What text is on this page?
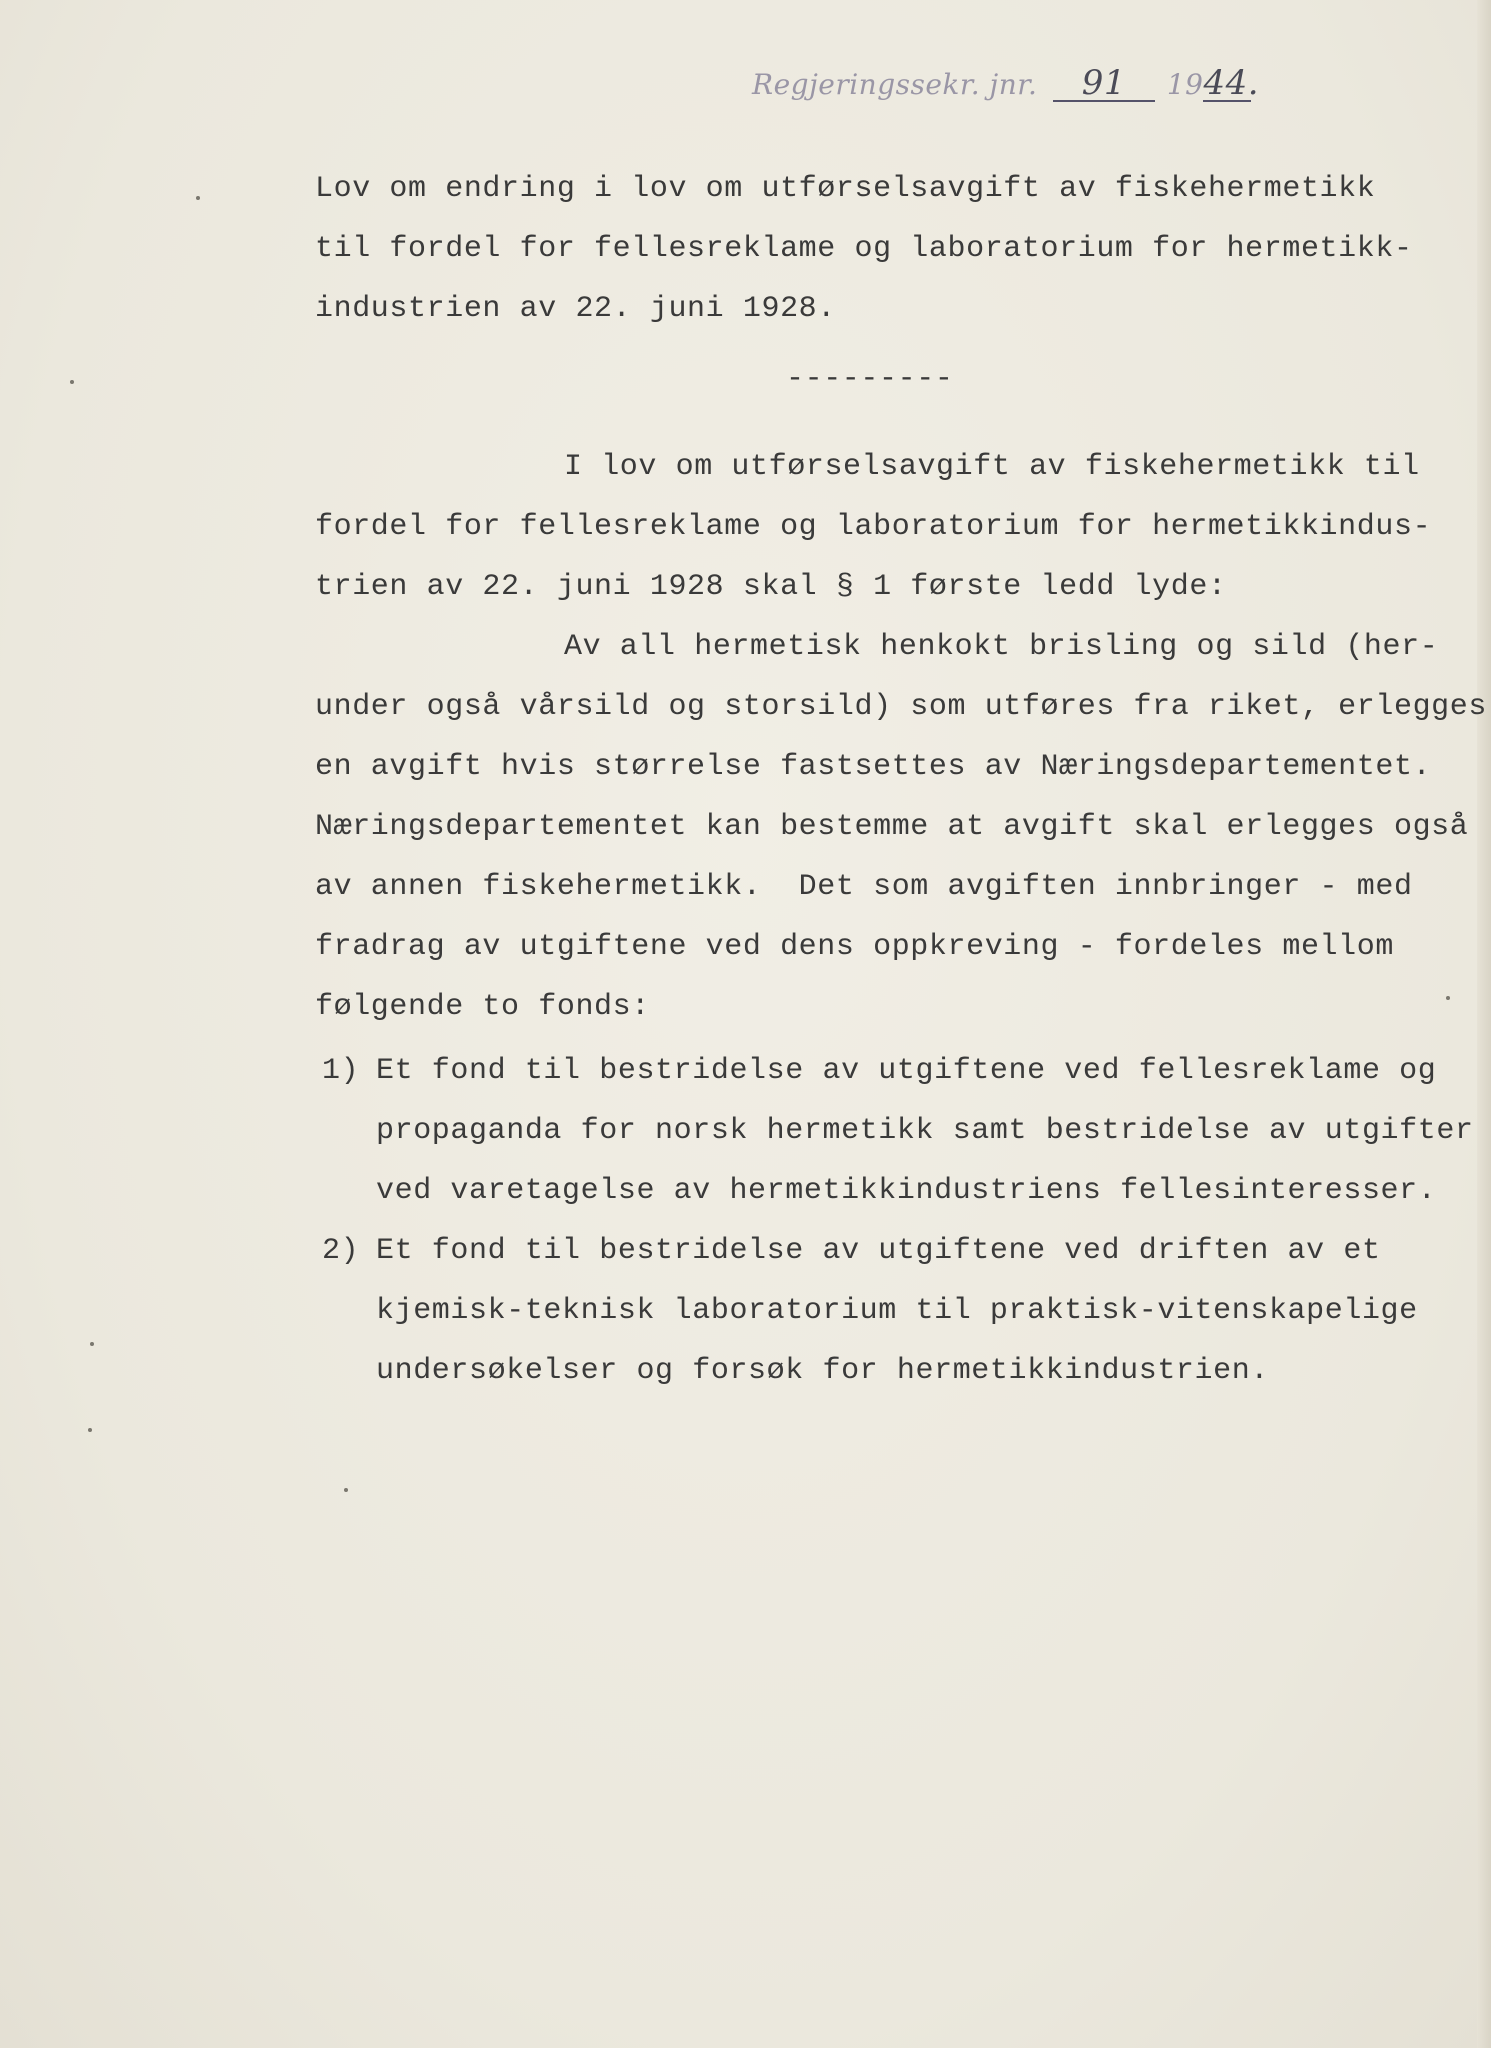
Regjeringssekr. jnr. 91 1944.
Lov om endring i lov om utførselsavgift av fiskehermetikk
til fordel for fellesreklame og laboratorium for hermetikk-
industrien av 22. juni 1928.
---------
I lov om utførselsavgift av fiskehermetikk til
fordel for fellesreklame og laboratorium for hermetikkindus-
trien av 22. juni 1928 skal § 1 første ledd lyde:
Av all hermetisk henkokt brisling og sild (her-
under også vårsild og storsild) som utføres fra riket, erlegges
en avgift hvis størrelse fastsettes av Næringsdepartementet.
Næringsdepartementet kan bestemme at avgift skal erlegges også
av annen fiskehermetikk.  Det som avgiften innbringer - med
fradrag av utgiftene ved dens oppkreving - fordeles mellom
følgende to fonds:
1) Et fond til bestridelse av utgiftene ved fellesreklame og
propaganda for norsk hermetikk samt bestridelse av utgifter
ved varetagelse av hermetikkindustriens fellesinteresser.
2) Et fond til bestridelse av utgiftene ved driften av et
kjemisk-teknisk laboratorium til praktisk-vitenskapelige
undersøkelser og forsøk for hermetikkindustrien.
